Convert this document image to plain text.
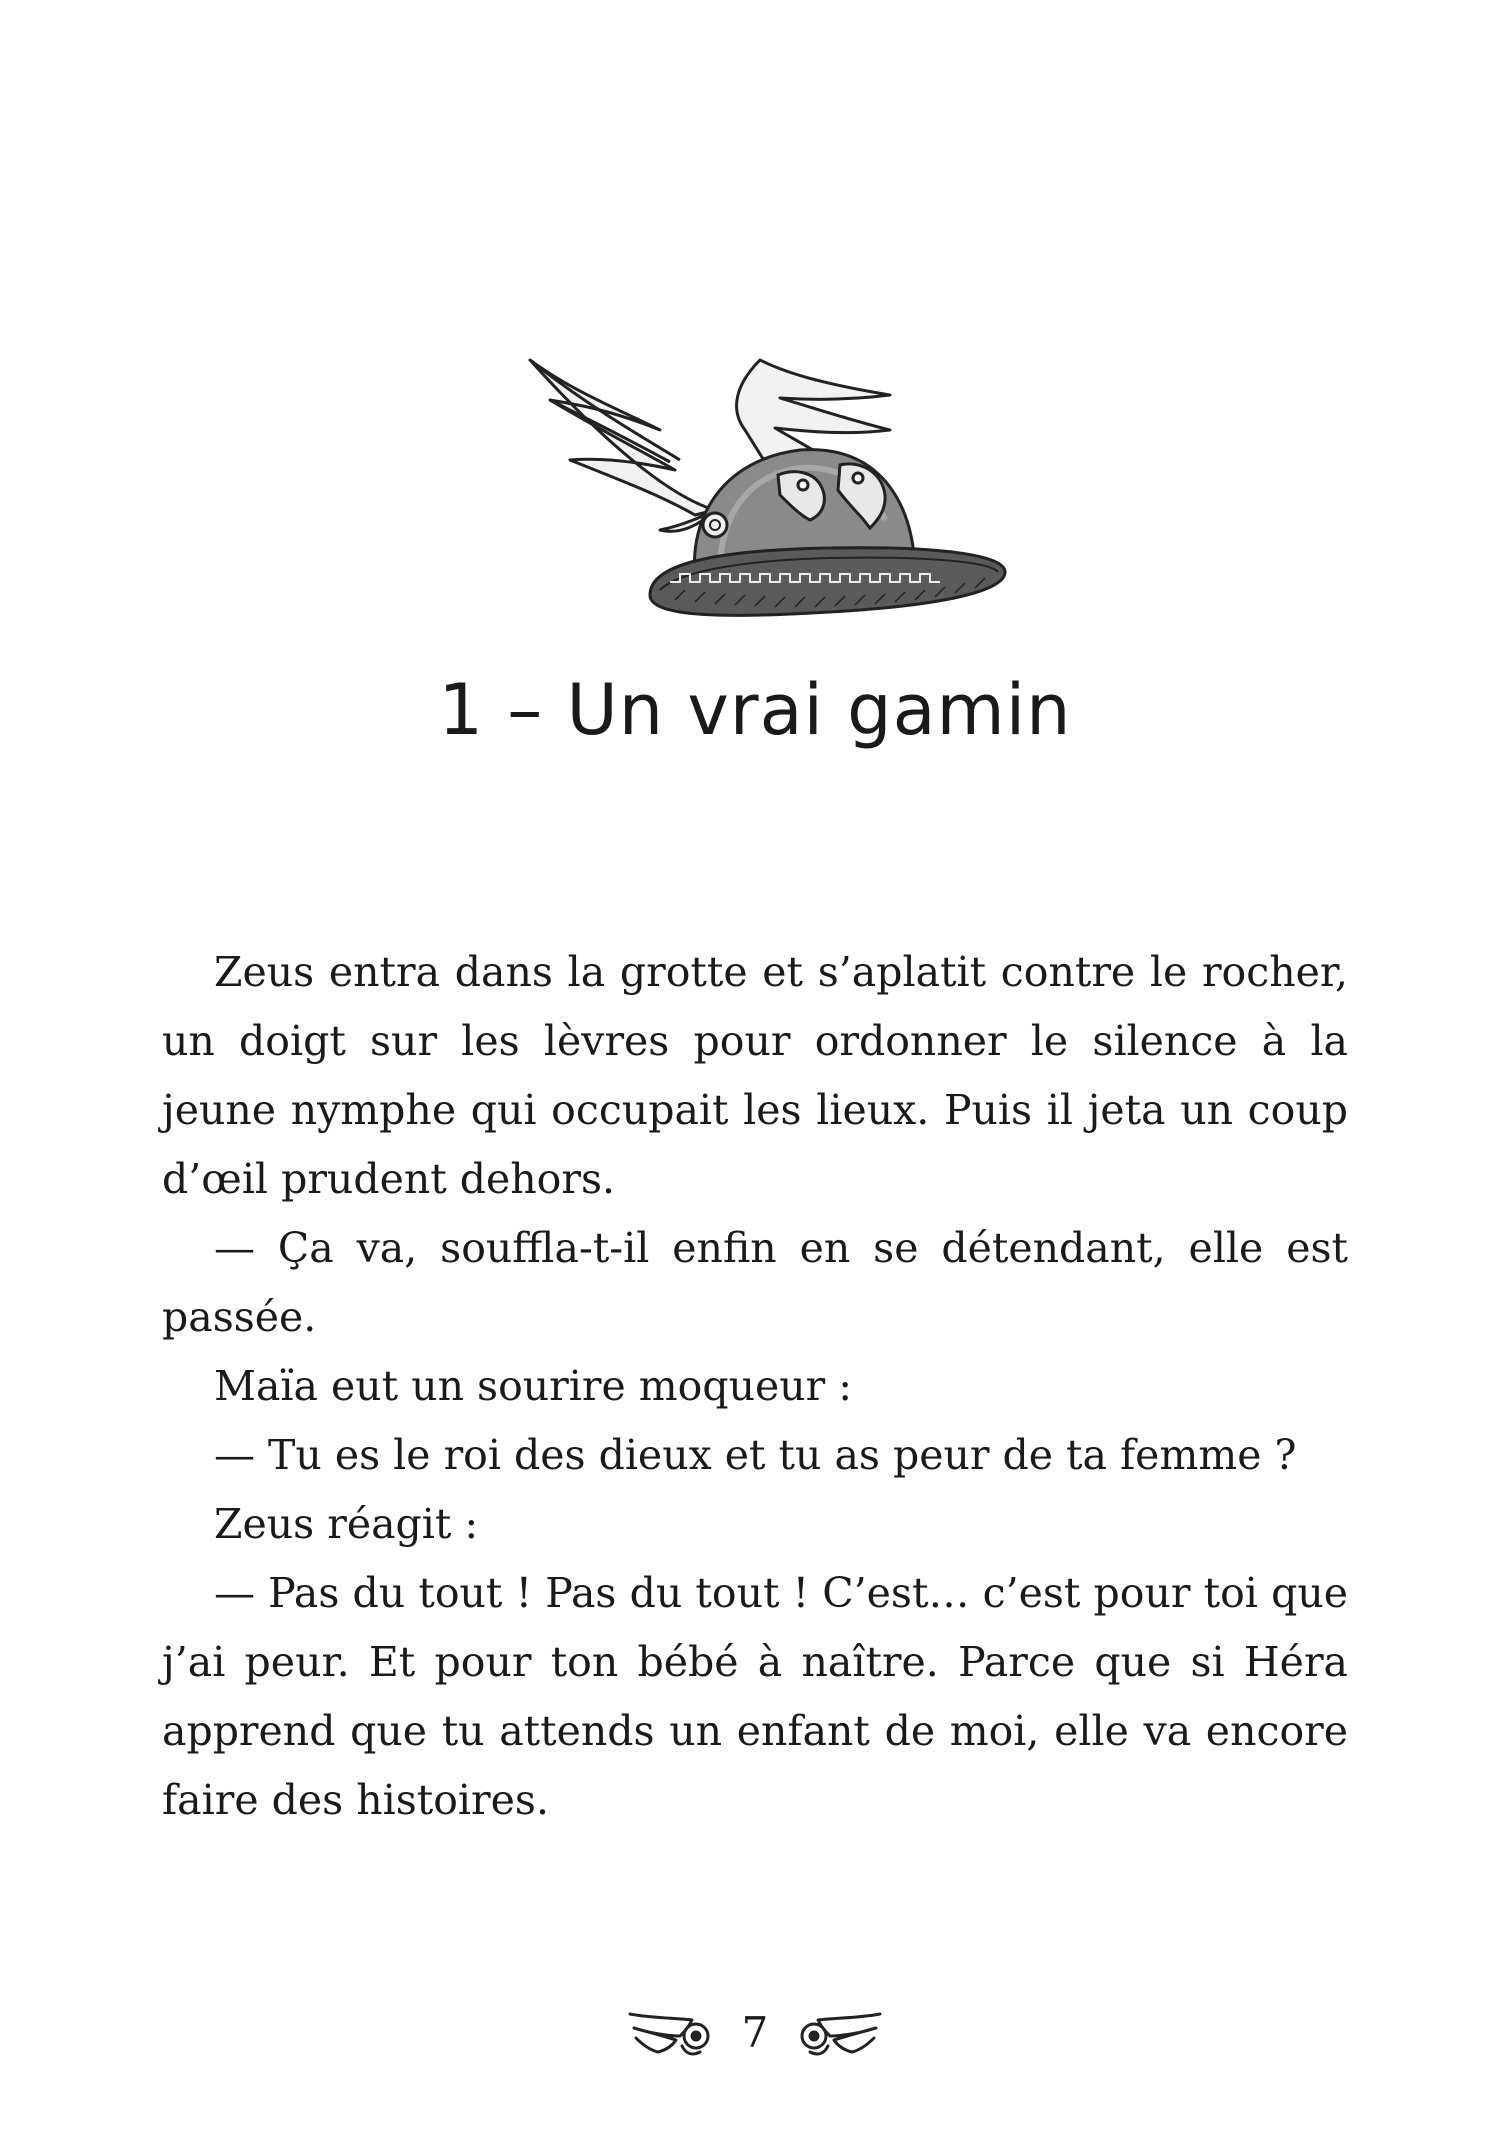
1 – Un vrai gamin

Zeus entra dans la grotte et s’aplatit contre le rocher, un doigt sur les lèvres pour ordonner le silence à la jeune nymphe qui occupait les lieux. Puis il jeta un coup d’œil prudent dehors.

— Ça va, souffla-t-il enfin en se détendant, elle est passée.

Maïa eut un sourire moqueur :

— Tu es le roi des dieux et tu as peur de ta femme ?

Zeus réagit :

— Pas du tout ! Pas du tout ! C’est… c’est pour toi que j’ai peur. Et pour ton bébé à naître. Parce que si Héra apprend que tu attends un enfant de moi, elle va encore faire des histoires.

7
